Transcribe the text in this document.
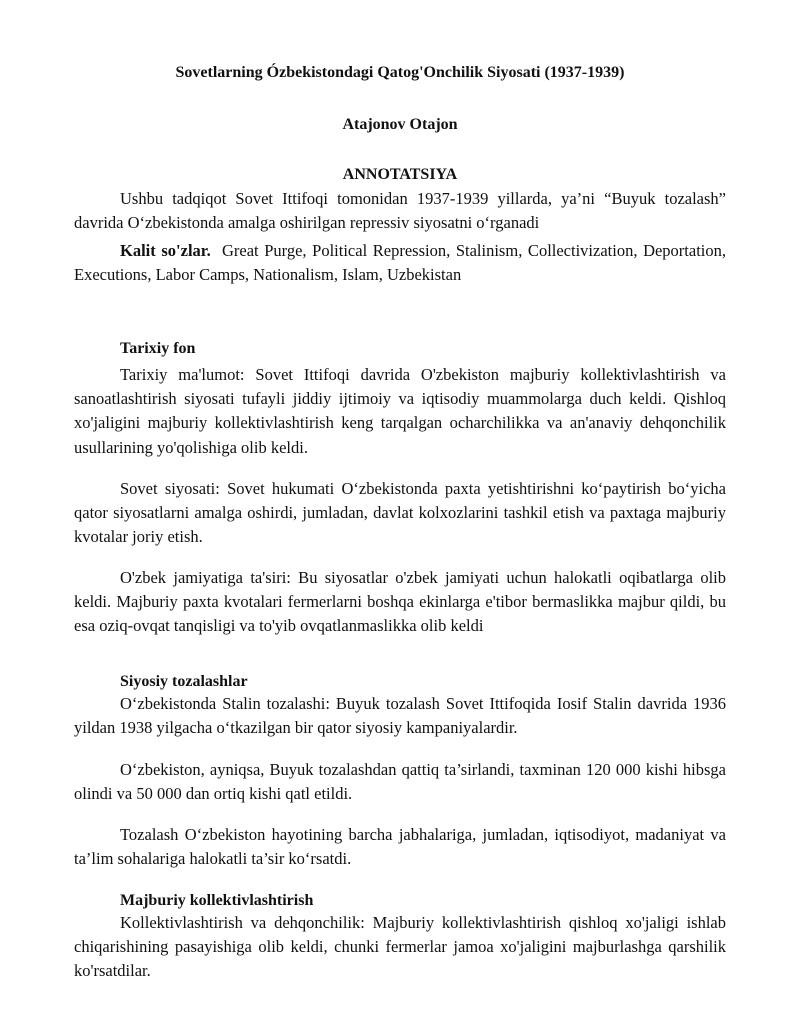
Sovetlarning Ózbekistondagi Qatog'Onchilik Siyosati (1937-1939)
Atajonov Otajon
ANNOTATSIYA

Ushbu tadqiqot Sovet Ittifoqi tomonidan 1937-1939 yillarda, ya’ni “Buyuk tozalash” davrida O‘zbekistonda amalga oshirilgan repressiv siyosatni o‘rganadi

Kalit so'zlar. Great Purge, Political Repression, Stalinism, Collectivization, Deportation, Executions, Labor Camps, Nationalism, Islam, Uzbekistan

Tarixiy fon

Tarixiy ma'lumot: Sovet Ittifoqi davrida O'zbekiston majburiy kollektivlashtirish va sanoatlashtirish siyosati tufayli jiddiy ijtimoiy va iqtisodiy muammolarga duch keldi. Qishloq xo'jaligini majburiy kollektivlashtirish keng tarqalgan ocharchilikka va an'anaviy dehqonchilik usullarining yo'qolishiga olib keldi.

Sovet siyosati: Sovet hukumati O‘zbekistonda paxta yetishtirishni ko‘paytirish bo‘yicha qator siyosatlarni amalga oshirdi, jumladan, davlat kolxozlarini tashkil etish va paxtaga majburiy kvotalar joriy etish.

O'zbek jamiyatiga ta'siri: Bu siyosatlar o'zbek jamiyati uchun halokatli oqibatlarga olib keldi. Majburiy paxta kvotalari fermerlarni boshqa ekinlarga e'tibor bermaslikka majbur qildi, bu esa oziq-ovqat tanqisligi va to'yib ovqatlanmaslikka olib keldi

Siyosiy tozalashlar

O‘zbekistonda Stalin tozalashi: Buyuk tozalash Sovet Ittifoqida Iosif Stalin davrida 1936 yildan 1938 yilgacha o‘tkazilgan bir qator siyosiy kampaniyalardir.

O‘zbekiston, ayniqsa, Buyuk tozalashdan qattiq ta’sirlandi, taxminan 120 000 kishi hibsga olindi va 50 000 dan ortiq kishi qatl etildi.

Tozalash O‘zbekiston hayotining barcha jabhalariga, jumladan, iqtisodiyot, madaniyat va ta’lim sohalariga halokatli ta’sir ko‘rsatdi.

Majburiy kollektivlashtirish

Kollektivlashtirish va dehqonchilik: Majburiy kollektivlashtirish qishloq xo'jaligi ishlab chiqarishining pasayishiga olib keldi, chunki fermerlar jamoa xo'jaligini majburlashga qarshilik ko'rsatdilar.
